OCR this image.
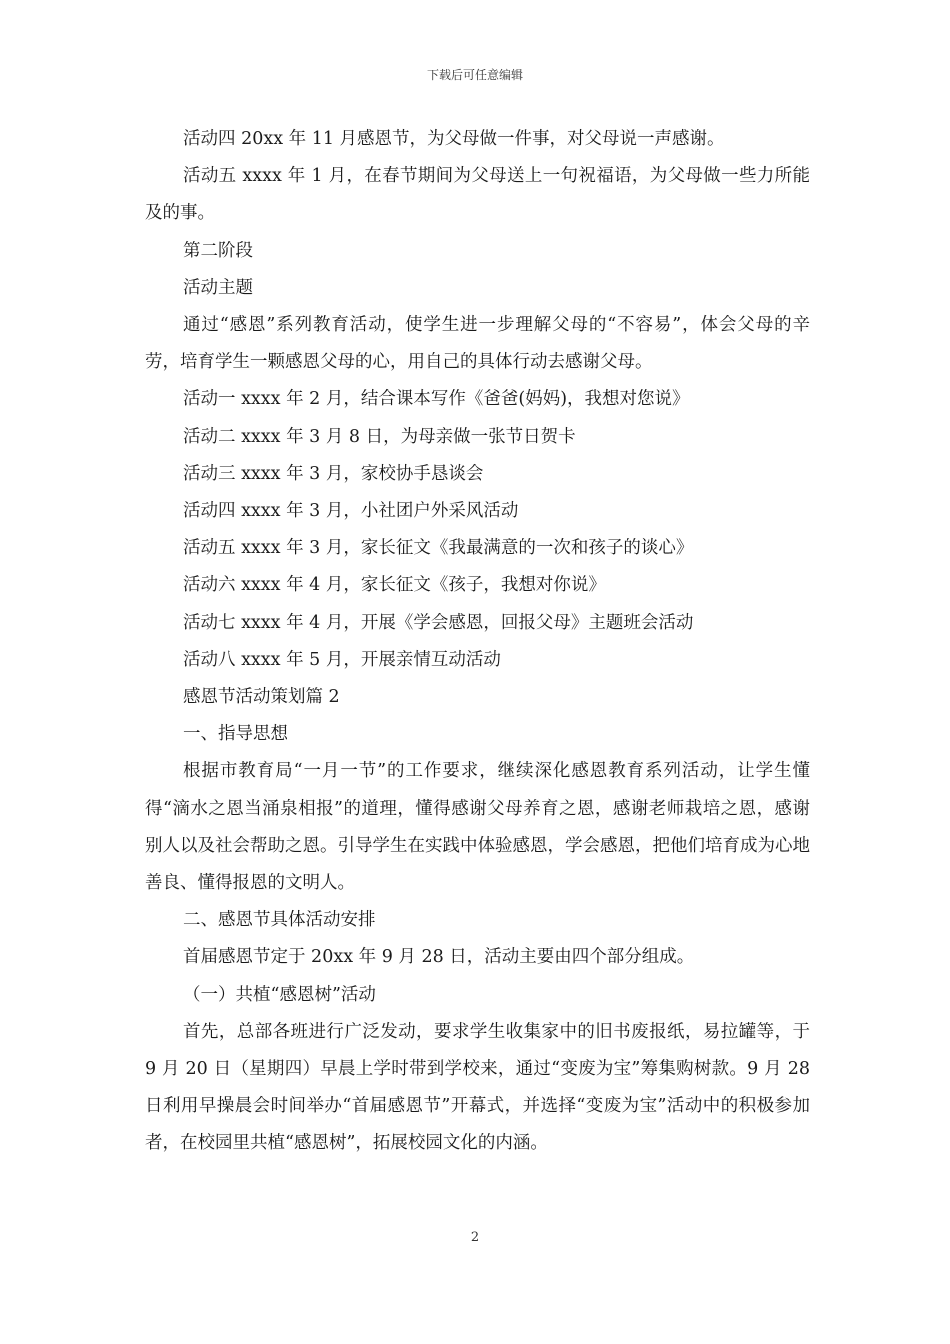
下载后可任意编辑

活动四 20xx 年 11 月感恩节，为父母做一件事，对父母说一声感谢。

活动五 xxxx 年 1 月，在春节期间为父母送上一句祝福语，为父母做一些力所能及的事。

第二阶段

活动主题

通过“感恩”系列教育活动，使学生进一步理解父母的“不容易”，体会父母的辛劳，培育学生一颗感恩父母的心，用自己的具体行动去感谢父母。

活动一 xxxx 年 2 月，结合课本写作《爸爸(妈妈)，我想对您说》

活动二 xxxx 年 3 月 8 日，为母亲做一张节日贺卡

活动三 xxxx 年 3 月，家校协手恳谈会

活动四 xxxx 年 3 月，小社团户外采风活动

活动五 xxxx 年 3 月，家长征文《我最满意的一次和孩子的谈心》

活动六 xxxx 年 4 月，家长征文《孩子，我想对你说》

活动七 xxxx 年 4 月，开展《学会感恩，回报父母》主题班会活动

活动八 xxxx 年 5 月，开展亲情互动活动

感恩节活动策划篇 2

一、指导思想

根据市教育局“一月一节”的工作要求，继续深化感恩教育系列活动，让学生懂得“滴水之恩当涌泉相报”的道理，懂得感谢父母养育之恩，感谢老师栽培之恩，感谢别人以及社会帮助之恩。引导学生在实践中体验感恩，学会感恩，把他们培育成为心地善良、懂得报恩的文明人。

二、感恩节具体活动安排

首届感恩节定于 20xx 年 9 月 28 日，活动主要由四个部分组成。

（一）共植“感恩树”活动

首先，总部各班进行广泛发动，要求学生收集家中的旧书废报纸，易拉罐等，于 9 月 20 日（星期四）早晨上学时带到学校来，通过“变废为宝”筹集购树款。9 月 28 日利用早操晨会时间举办“首届感恩节”开幕式，并选择“变废为宝”活动中的积极参加者，在校园里共植“感恩树”，拓展校园文化的内涵。

2
